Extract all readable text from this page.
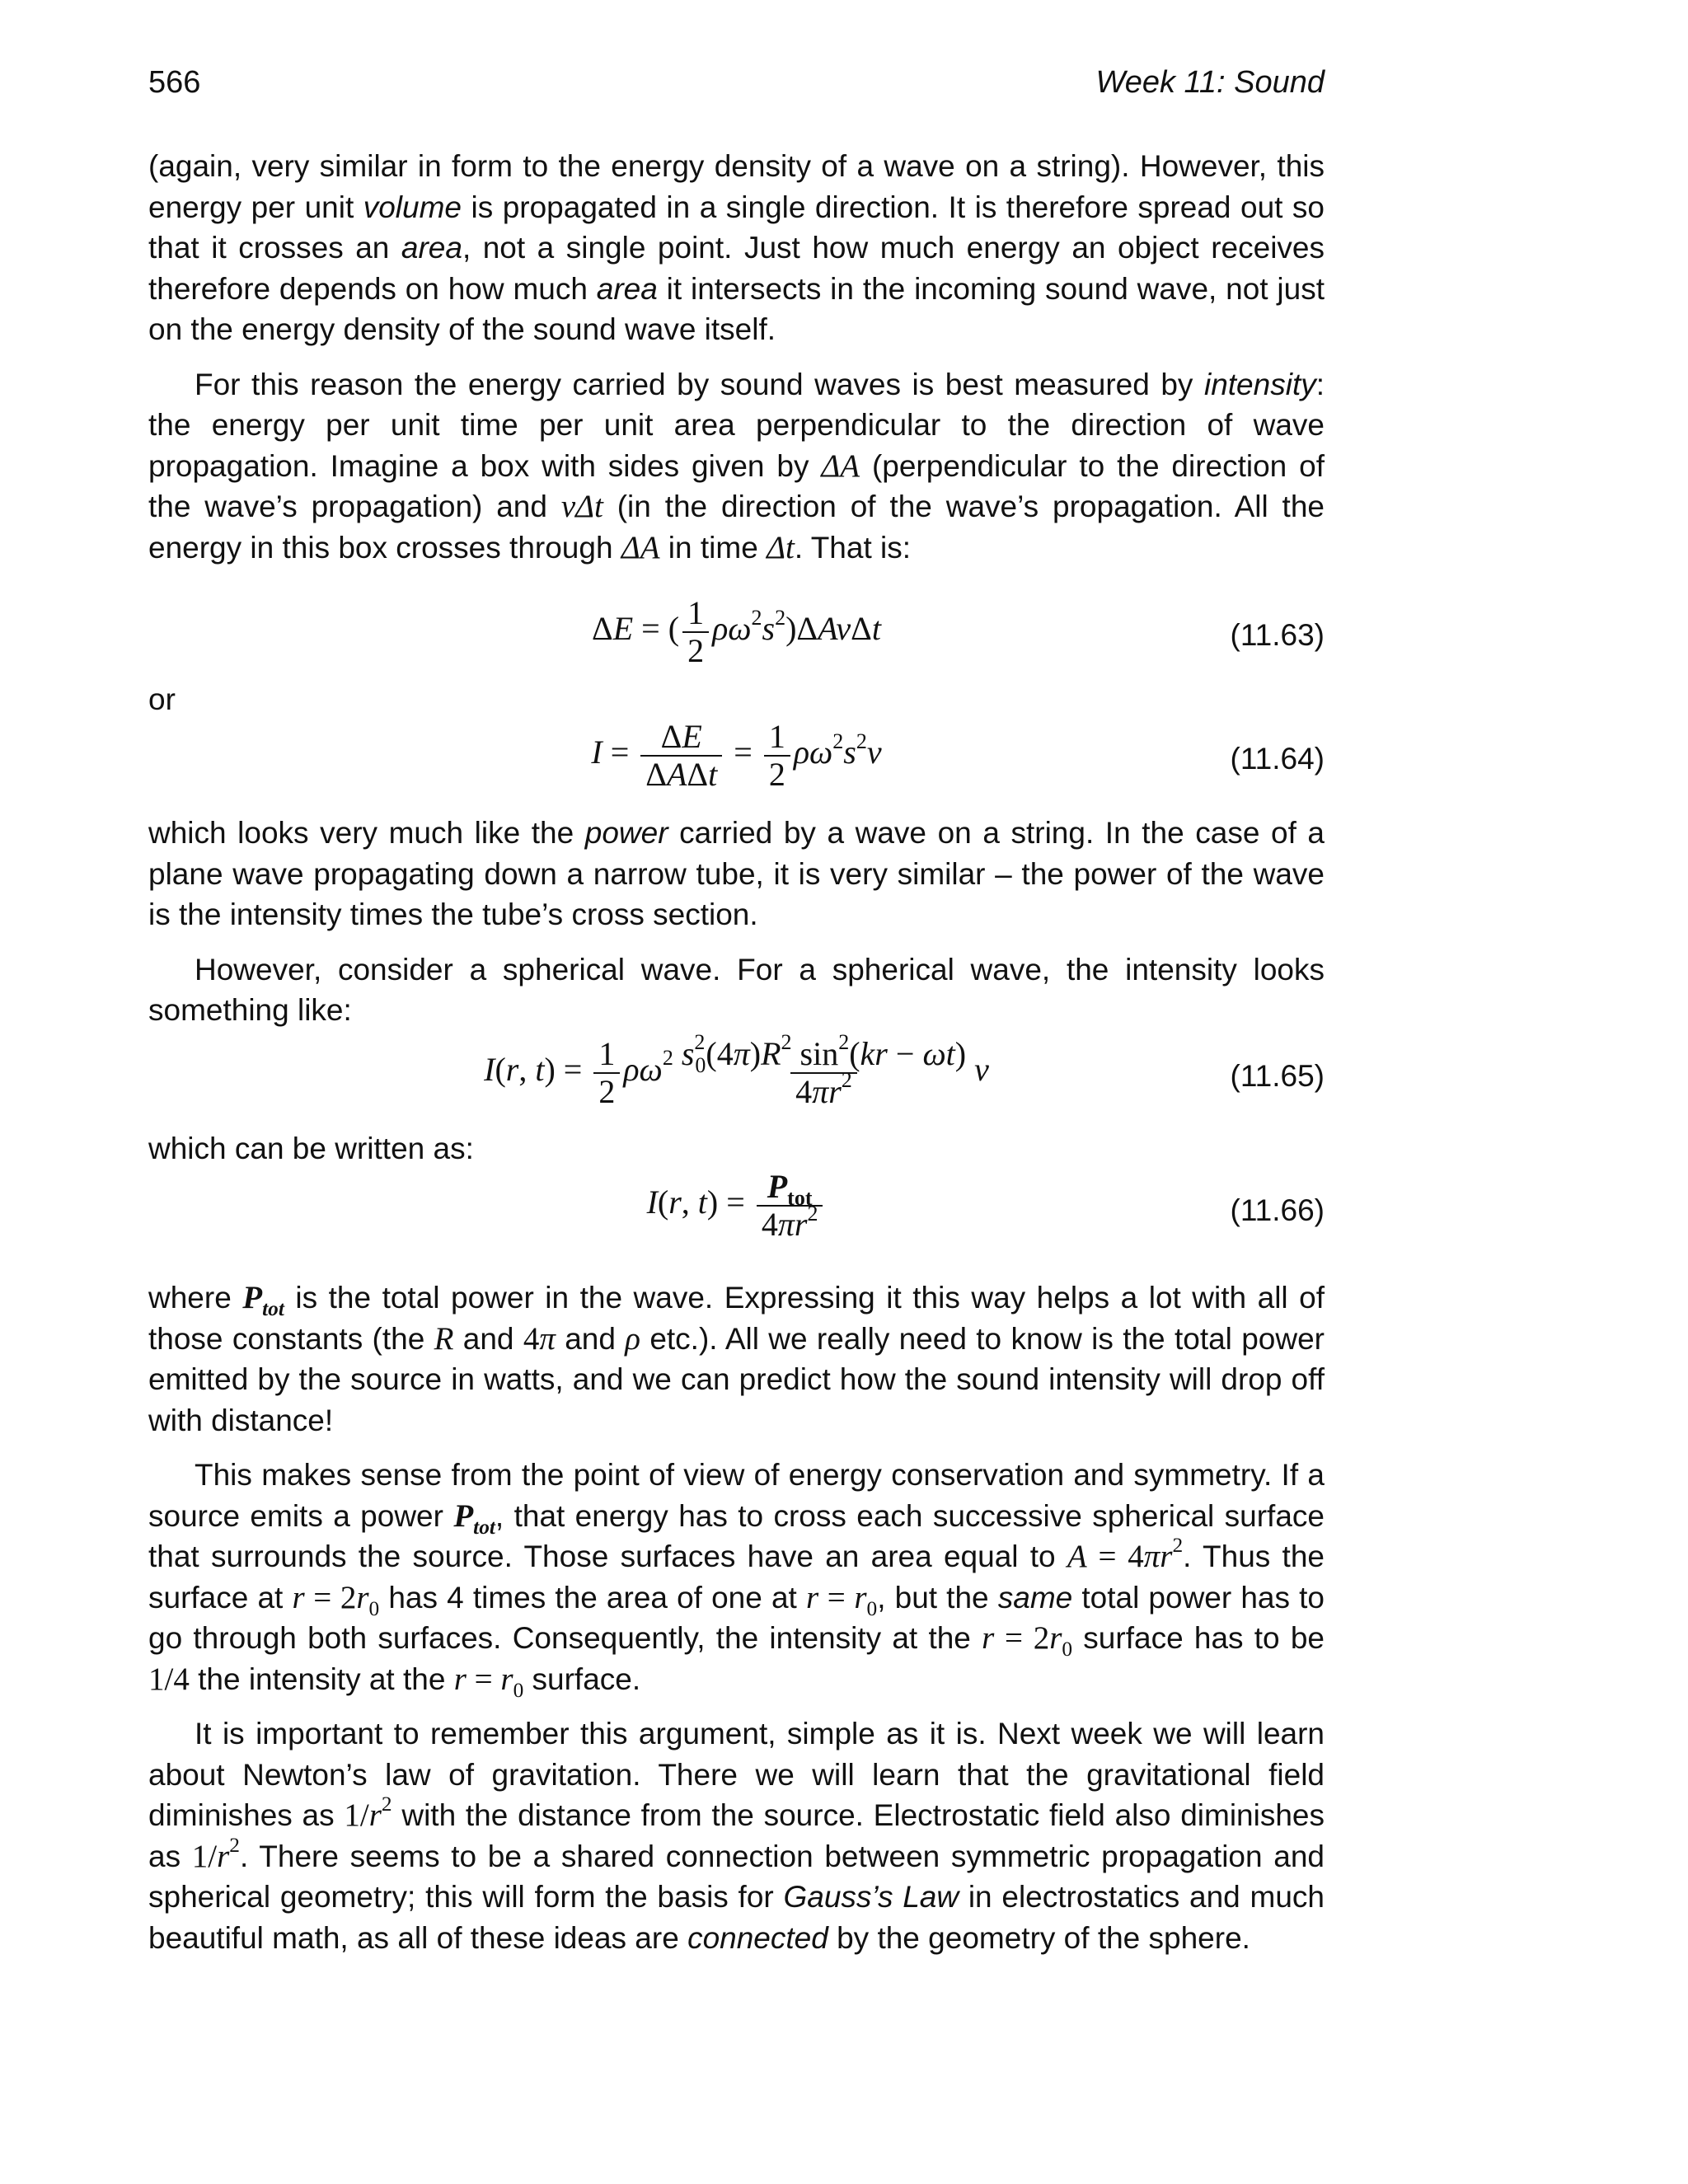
566	Week 11: Sound

(again, very similar in form to the energy density of a wave on a string). However, this energy per unit volume is propagated in a single direction. It is therefore spread out so that it crosses an area, not a single point. Just how much energy an object receives therefore depends on how much area it intersects in the incoming sound wave, not just on the energy density of the sound wave itself.

For this reason the energy carried by sound waves is best measured by intensity: the energy per unit time per unit area perpendicular to the direction of wave propagation. Imagine a box with sides given by ΔA (perpendicular to the direction of the wave’s propagation) and vΔt (in the direction of the wave’s propagation. All the energy in this box crosses through ΔA in time Δt. That is:

ΔE = ( $\frac{1}{2} \rho\omega^2s^2)\Delta Av\Delta t$	(11.63)
or
$I = \frac{\Delta E}{\text{ΔAΔt}} = \frac{1}{2} \rho\omega^2s^2v$	(11.64)

which looks very much like the power carried by a wave on a string. In the case of a plane wave propagating down a narrow tube, it is very similar – the power of the wave is the intensity times the tube’s cross section.

However, consider a spherical wave. For a spherical wave, the intensity looks something like:

I(r, $t) = \frac{1}{2} \rho\omega^2 \frac{s^2_0(4\pi)R^2 \sin^2(kr - \omega t)}{4\pi r^2}$ v	(11.65)

which can be written as:

I(r, $t) = \frac{P_{tot}}{4\pi r^2}$	(11.66)

where $P_{tot}$ is the total power in the wave. Expressing it this way helps a lot with all of those constants (the R and 4π and ρ etc.). All we really need to know is the total power emitted by the source in watts, and we can predict how the sound intensity will drop off with distance!

This makes sense from the point of view of energy conservation and symmetry. If a source emits a power $P_{tot}$, that energy has to cross each successive spherical surface that surrounds the source. Those surfaces have an area equal to $A = 4\pi r^2$. Thus the surface at $r = 2r_0$ has 4 times the area of one at $r = r_0$, but the same total power has to go through both surfaces. Consequently, the intensity at the $r = 2r_0$ surface has to be 1/4 the intensity at the $r = r_0$ surface.

It is important to remember this argument, simple as it is. Next week we will learn about Newton’s law of gravitation. There we will learn that the gravitational field diminishes as $1/r^2$ with the distance from the source. Electrostatic field also diminishes as $1/r^2$. There seems to be a shared connection between symmetric propagation and spherical geometry; this will form the basis for Gauss’s Law in electrostatics and much beautiful math, as all of these ideas are connected by the geometry of the sphere.
